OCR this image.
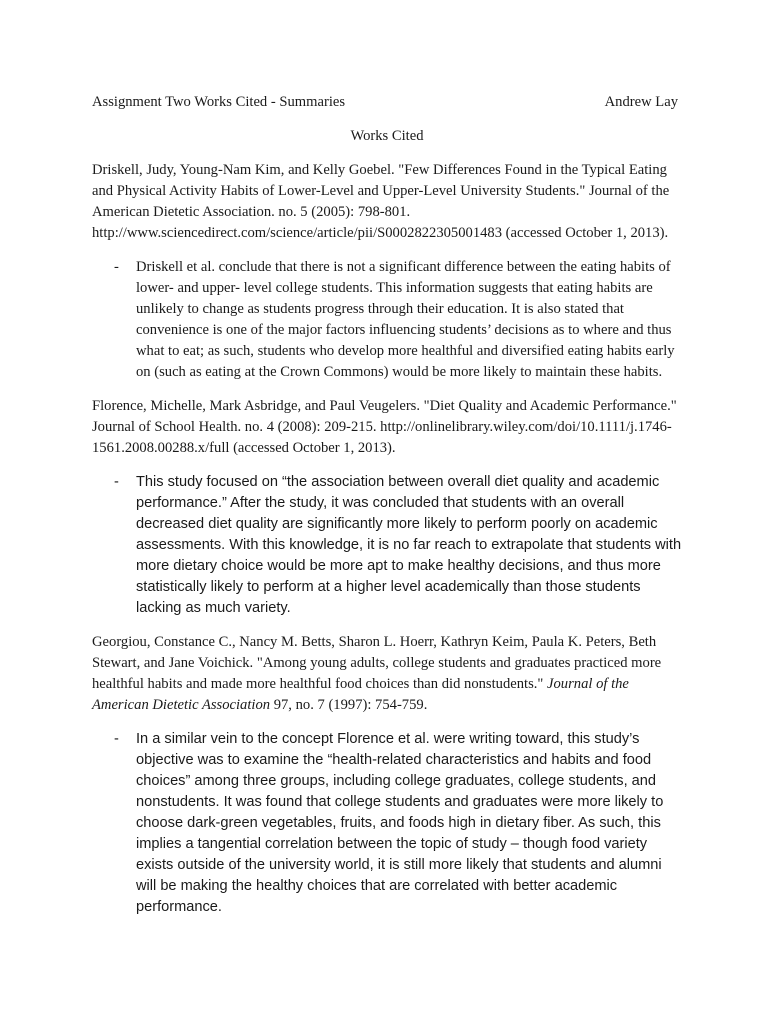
Assignment Two Works Cited - Summaries	Andrew Lay
Works Cited

Driskell, Judy, Young-Nam Kim, and Kelly Goebel. "Few Differences Found in the Typical Eating and Physical Activity Habits of Lower-Level and Upper-Level University Students." Journal of the American Dietetic Association. no. 5 (2005): 798-801. http://www.sciencedirect.com/science/article/pii/S0002822305001483 (accessed October 1, 2013).

- Driskell et al. conclude that there is not a significant difference between the eating habits of lower- and upper- level college students. This information suggests that eating habits are unlikely to change as students progress through their education. It is also stated that convenience is one of the major factors influencing students’ decisions as to where and thus what to eat; as such, students who develop more healthful and diversified eating habits early on (such as eating at the Crown Commons) would be more likely to maintain these habits.

Florence, Michelle, Mark Asbridge, and Paul Veugelers. "Diet Quality and Academic Performance." Journal of School Health. no. 4 (2008): 209-215. http://onlinelibrary.wiley.com/doi/10.1111/j.1746-1561.2008.00288.x/full (accessed October 1, 2013).

- This study focused on “the association between overall diet quality and academic performance.” After the study, it was concluded that students with an overall decreased diet quality are significantly more likely to perform poorly on academic assessments. With this knowledge, it is no far reach to extrapolate that students with more dietary choice would be more apt to make healthy decisions, and thus more statistically likely to perform at a higher level academically than those students lacking as much variety.

Georgiou, Constance C., Nancy M. Betts, Sharon L. Hoerr, Kathryn Keim, Paula K. Peters, Beth Stewart, and Jane Voichick. "Among young adults, college students and graduates practiced more healthful habits and made more healthful food choices than did nonstudents." Journal of the American Dietetic Association 97, no. 7 (1997): 754-759.

- In a similar vein to the concept Florence et al. were writing toward, this study’s objective was to examine the “health-related characteristics and habits and food choices” among three groups, including college graduates, college students, and nonstudents. It was found that college students and graduates were more likely to choose dark-green vegetables, fruits, and foods high in dietary fiber. As such, this implies a tangential correlation between the topic of study – though food variety exists outside of the university world, it is still more likely that students and alumni will be making the healthy choices that are correlated with better academic performance.
